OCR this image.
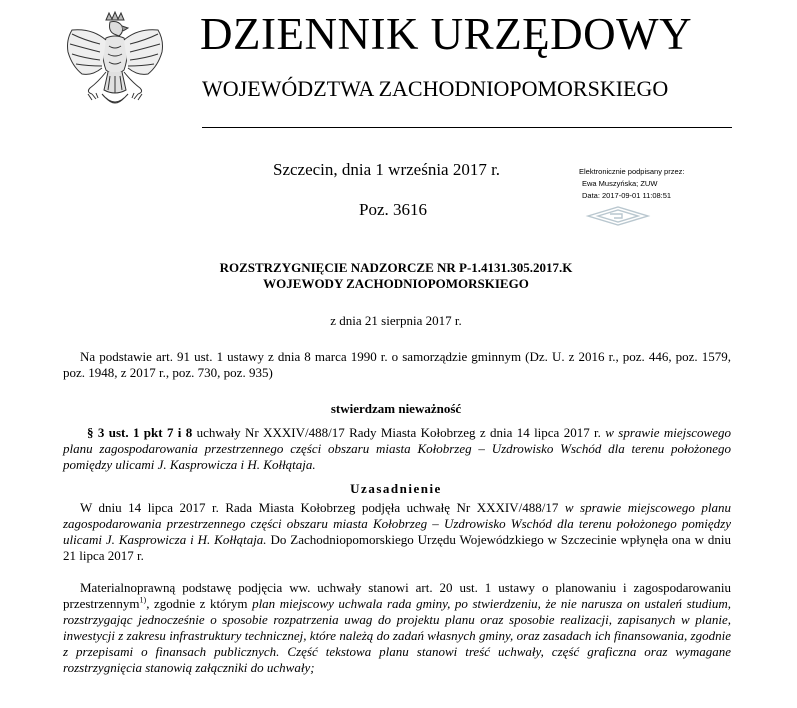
DZIENNIK URZĘDOWY
WOJEWÓDZTWA ZACHODNIOPOMORSKIEGO
Szczecin, dnia 1 września 2017 r.
Poz. 3616
Elektronicznie podpisany przez:
Ewa Muszyńska; ZUW
Data: 2017-09-01 11:08:51
ROZSTRZYGNIĘCIE NADZORCZE NR P-1.4131.305.2017.K
WOJEWODY ZACHODNIOPOMORSKIEGO
z dnia 21 sierpnia 2017 r.
Na podstawie art. 91 ust. 1 ustawy z dnia 8 marca 1990 r. o samorządzie gminnym (Dz. U. z 2016 r., poz. 446, poz. 1579, poz. 1948, z 2017 r., poz. 730, poz. 935)
stwierdzam nieważność
§ 3 ust. 1 pkt 7 i 8 uchwały Nr XXXIV/488/17 Rady Miasta Kołobrzeg z dnia 14 lipca 2017 r. w sprawie miejscowego planu zagospodarowania przestrzennego części obszaru miasta Kołobrzeg – Uzdrowisko Wschód dla terenu położonego pomiędzy ulicami J. Kasprowicza i H. Kołłątaja.
Uzasadnienie
W dniu 14 lipca 2017 r. Rada Miasta Kołobrzeg podjęła uchwałę Nr XXXIV/488/17 w sprawie miejscowego planu zagospodarowania przestrzennego części obszaru miasta Kołobrzeg – Uzdrowisko Wschód dla terenu położonego pomiędzy ulicami J. Kasprowicza i H. Kołłątaja. Do Zachodniopomorskiego Urzędu Wojewódzkiego w Szczecinie wpłynęła ona w dniu 21 lipca 2017 r.
Materialnoprawną podstawę podjęcia ww. uchwały stanowi art. 20 ust. 1 ustawy o planowaniu i zagospodarowaniu przestrzennym$^{1)}$, zgodnie z którym plan miejscowy uchwala rada gminy, po stwierdzeniu, że nie narusza on ustaleń studium, rozstrzygając jednocześnie o sposobie rozpatrzenia uwag do projektu planu oraz sposobie realizacji, zapisanych w planie, inwestycji z zakresu infrastruktury technicznej, które należą do zadań własnych gminy, oraz zasadach ich finansowania, zgodnie z przepisami o finansach publicznych. Część tekstowa planu stanowi treść uchwały, część graficzna oraz wymagane rozstrzygnięcia stanowią załączniki do uchwały;
